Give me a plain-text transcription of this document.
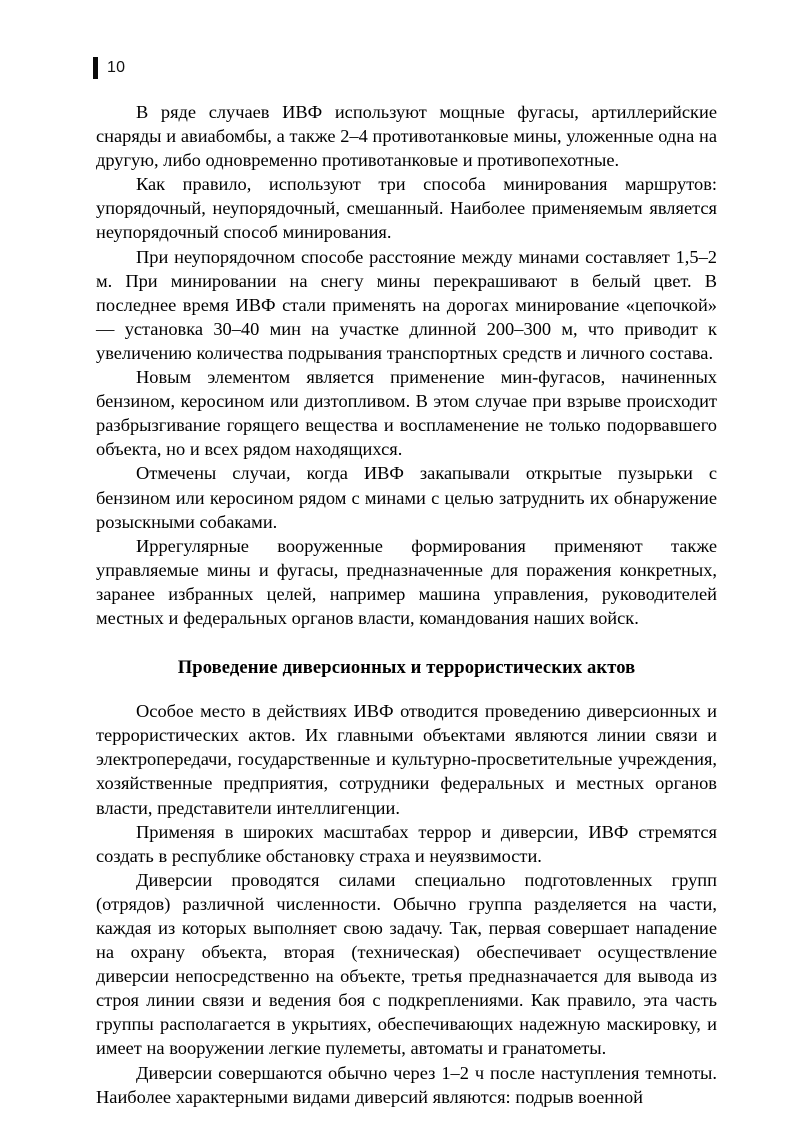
10

В ряде случаев ИВФ используют мощные фугасы, артиллерийские снаряды и авиабомбы, а также 2–4 противотанковые мины, уложенные одна на другую, либо одновременно противотанковые и противопехотные.

Как правило, используют три способа минирования маршрутов: упорядочный, неупорядочный, смешанный. Наиболее применяемым является неупорядочный способ минирования.

При неупорядочном способе расстояние между минами составляет 1,5–2 м. При минировании на снегу мины перекрашивают в белый цвет. В последнее время ИВФ стали применять на дорогах минирование «цепочкой» — установка 30–40 мин на участке длинной 200–300 м, что приводит к увеличению количества подрывания транспортных средств и личного состава.

Новым элементом является применение мин-фугасов, начиненных бензином, керосином или дизтопливом. В этом случае при взрыве происходит разбрызгивание горящего вещества и воспламенение не только подорвавшего объекта, но и всех рядом находящихся.

Отмечены случаи, когда ИВФ закапывали открытые пузырьки с бензином или керосином рядом с минами с целью затруднить их обнаружение розыскными собаками.

Иррегулярные вооруженные формирования применяют также управляемые мины и фугасы, предназначенные для поражения конкретных, заранее избранных целей, например машина управления, руководителей местных и федеральных органов власти, командования наших войск.

Проведение диверсионных и террористических актов

Особое место в действиях ИВФ отводится проведению диверсионных и террористических актов. Их главными объектами являются линии связи и электропередачи, государственные и культурно-просветительные учреждения, хозяйственные предприятия, сотрудники федеральных и местных органов власти, представители интеллигенции.

Применяя в широких масштабах террор и диверсии, ИВФ стремятся создать в республике обстановку страха и неуязвимости.

Диверсии проводятся силами специально подготовленных групп (отрядов) различной численности. Обычно группа разделяется на части, каждая из которых выполняет свою задачу. Так, первая совершает нападение на охрану объекта, вторая (техническая) обеспечивает осуществление диверсии непосредственно на объекте, третья предназначается для вывода из строя линии связи и ведения боя с подкреплениями. Как правило, эта часть группы располагается в укрытиях, обеспечивающих надежную маскировку, и имеет на вооружении легкие пулеметы, автоматы и гранатометы.

Диверсии совершаются обычно через 1–2 ч после наступления темноты. Наиболее характерными видами диверсий являются: подрыв военной
